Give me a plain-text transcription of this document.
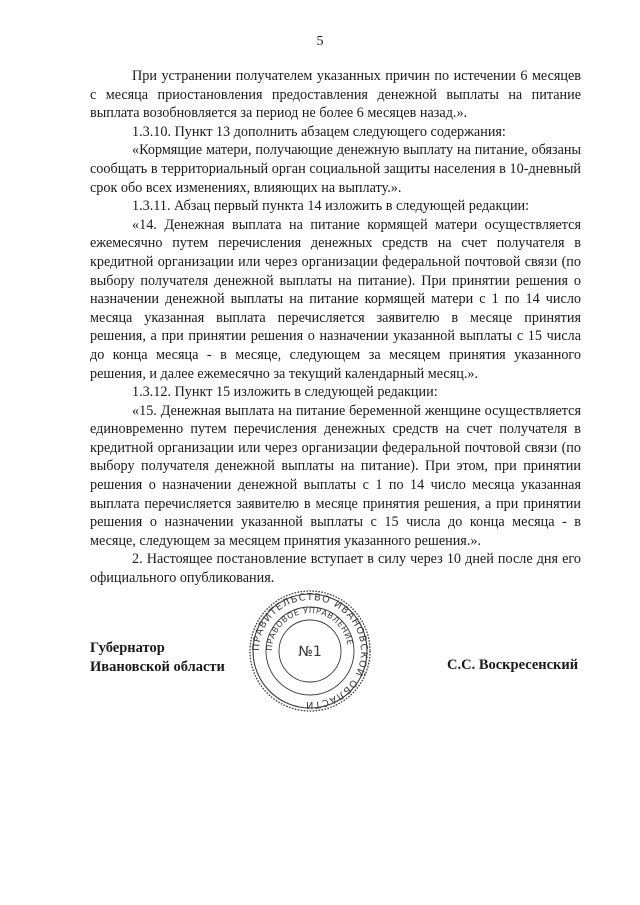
5

При устранении получателем указанных причин по истечении 6 месяцев с месяца приостановления предоставления денежной выплаты на питание выплата возобновляется за период не более 6 месяцев назад.».

1.3.10. Пункт 13 дополнить абзацем следующего содержания:

«Кормящие матери, получающие денежную выплату на питание, обязаны сообщать в территориальный орган социальной защиты населения в 10-дневный срок обо всех изменениях, влияющих на выплату.».

1.3.11. Абзац первый пункта 14 изложить в следующей редакции:

«14. Денежная выплата на питание кормящей матери осуществляется ежемесячно путем перечисления денежных средств на счет получателя в кредитной организации или через организации федеральной почтовой связи (по выбору получателя денежной выплаты на питание). При принятии решения о назначении денежной выплаты на питание кормящей матери с 1 по 14 число месяца указанная выплата перечисляется заявителю в месяце принятия решения, а при принятии решения о назначении указанной выплаты с 15 числа до конца месяца - в месяце, следующем за месяцем принятия указанного решения, и далее ежемесячно за текущий календарный месяц.».

1.3.12. Пункт 15 изложить в следующей редакции:

«15. Денежная выплата на питание беременной женщине осуществляется единовременно путем перечисления денежных средств на счет получателя в кредитной организации или через организации федеральной почтовой связи (по выбору получателя денежной выплаты на питание). При этом, при принятии решения о назначении денежной выплаты с 1 по 14 число месяца указанная выплата перечисляется заявителю в месяце принятия решения, а при принятии решения о назначении указанной выплаты с 15 числа до конца месяца - в месяце, следующем за месяцем принятия указанного решения.».

2. Настоящее постановление вступает в силу через 10 дней после дня его официального опубликования.

Губернатор
Ивановской области
ПРАВИТЕЛЬСТВО ИВАНОВСКОЙ ОБЛАСТИ
ПРАВОВОЕ УПРАВЛЕНИЕ
№1
С.С. Воскресенский
